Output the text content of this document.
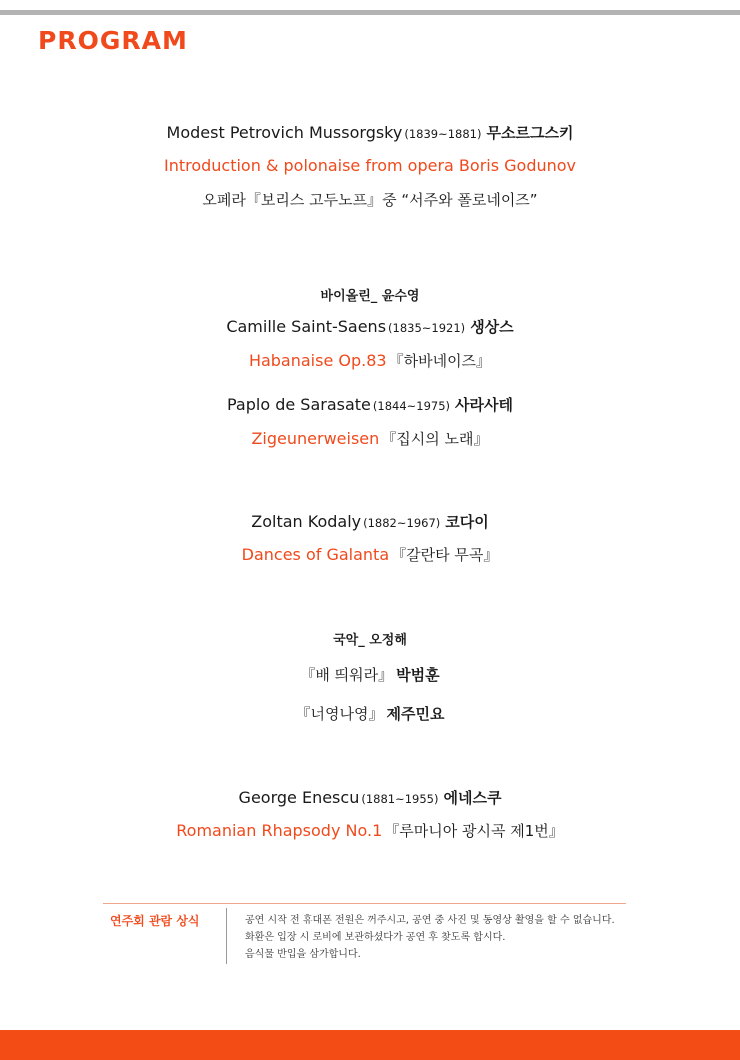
PROGRAM
Modest Petrovich Mussorgsky (1839~1881) 무소르그스키
Introduction & polonaise from opera Boris Godunov
오페라『보리스 고두노프』중 “서주와 폴로네이즈”
바이올린_ 윤수영
Camille Saint-Saens (1835~1921) 생상스
Habanaise Op.83 『하바네이즈』
Paplo de Sarasate (1844~1975) 사라사테
Zigeunerweisen 『집시의 노래』
Zoltan Kodaly (1882~1967) 코다이
Dances of Galanta 『갈란타 무곡』
국악_ 오정해
『배 띄워라』 박범훈
『너영나영』 제주민요
George Enescu (1881~1955) 에네스쿠
Romanian Rhapsody No.1 『루마니아 광시곡 제1번』
연주회 관람 상식	공연 시작 전 휴대폰 전원은 꺼주시고, 공연 중 사진 및 동영상 촬영을 할 수 없습니다.
화환은 입장 시 로비에 보관하셨다가 공연 후 찾도록 합시다.
음식물 반입을 삼가합니다.
